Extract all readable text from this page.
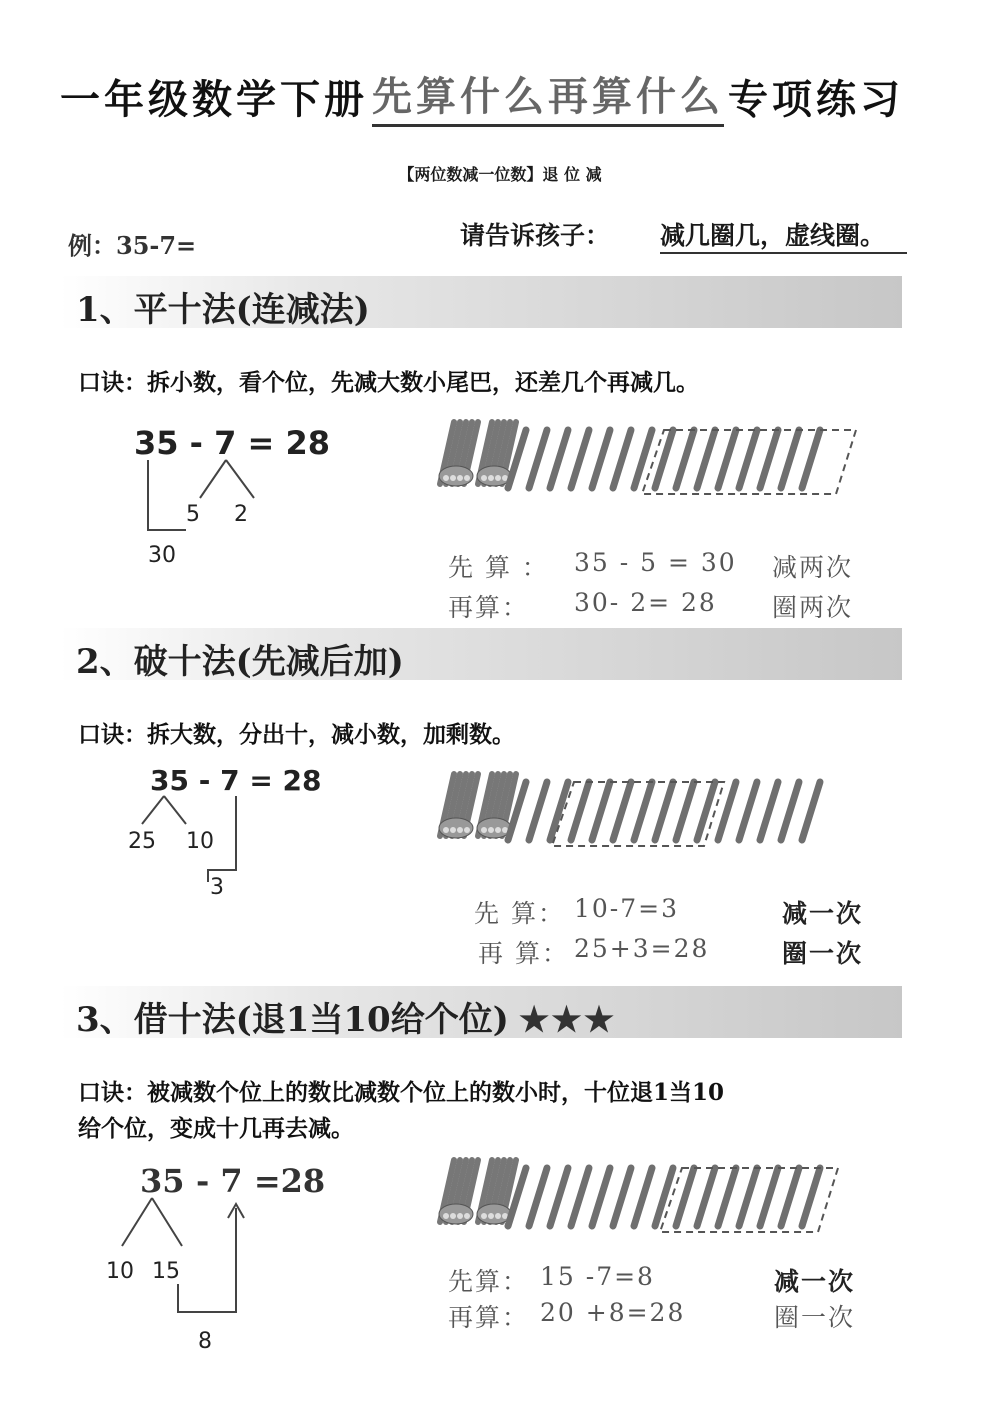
一年级数学下册 先算什么再算什么 专项练习
【两位数减一位数】退 位 减
例：35-7=	请告诉孩子： 减几圈几，虚线圈。
1、平十法(连减法)
口诀：拆小数，看个位，先减大数小尾巴，还差几个再减几。
35 - 7 = 28
5 2
30	先 算 ： 35 - 5 = 30 减两次
再算： 30- 2= 28 圈两次
2、破十法(先减后加)
口诀：拆大数，分出十，减小数，加剩数。
35 - 7 = 28
25 10
3
先 算： 10-7=3	减一次
再 算： 25+3=28	圈一次
3、借十法(退1当10给个位) ★★★
口诀：被减数个位上的数比减数个位上的数小时，十位退1当10
给个位，变成十几再去减。
35 - 7 =28
10 15
8
先算： 15 -7=8	减一次
再算： 20 +8=28	圈一次
